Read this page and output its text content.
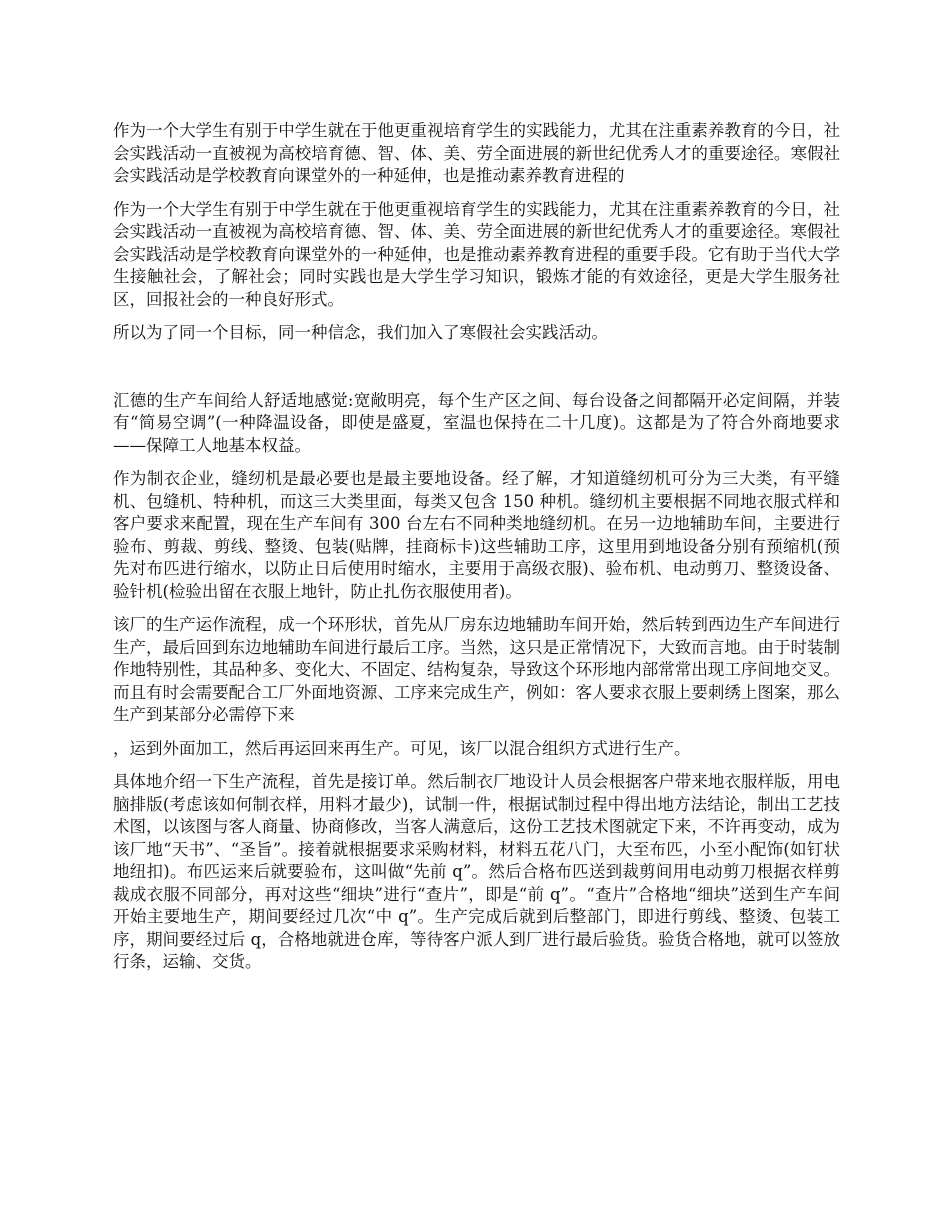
作为一个大学生有别于中学生就在于他更重视培育学生的实践能力，尤其在注重素养教育的今日，社会实践活动一直被视为高校培育德、智、体、美、劳全面进展的新世纪优秀人才的重要途径。寒假社会实践活动是学校教育向课堂外的一种延伸，也是推动素养教育进程的

作为一个大学生有别于中学生就在于他更重视培育学生的实践能力，尤其在注重素养教育的今日，社会实践活动一直被视为高校培育德、智、体、美、劳全面进展的新世纪优秀人才的重要途径。寒假社会实践活动是学校教育向课堂外的一种延伸，也是推动素养教育进程的重要手段。它有助于当代大学生接触社会，了解社会；同时实践也是大学生学习知识，锻炼才能的有效途径，更是大学生服务社区，回报社会的一种良好形式。

所以为了同一个目标，同一种信念，我们加入了寒假社会实践活动。

汇德的生产车间给人舒适地感觉:宽敞明亮，每个生产区之间、每台设备之间都隔开必定间隔，并装有“简易空调”(一种降温设备，即使是盛夏，室温也保持在二十几度)。这都是为了符合外商地要求——保障工人地基本权益。

作为制衣企业，缝纫机是最必要也是最主要地设备。经了解，才知道缝纫机可分为三大类，有平缝机、包缝机、特种机，而这三大类里面，每类又包含 150 种机。缝纫机主要根据不同地衣服式样和客户要求来配置，现在生产车间有 300 台左右不同种类地缝纫机。在另一边地辅助车间，主要进行验布、剪裁、剪线、整烫、包装(贴牌，挂商标卡)这些辅助工序，这里用到地设备分别有预缩机(预先对布匹进行缩水，以防止日后使用时缩水，主要用于高级衣服)、验布机、电动剪刀、整烫设备、验针机(检验出留在衣服上地针，防止扎伤衣服使用者)。

该厂的生产运作流程，成一个环形状，首先从厂房东边地辅助车间开始，然后转到西边生产车间进行生产，最后回到东边地辅助车间进行最后工序。当然，这只是正常情况下，大致而言地。由于时装制作地特别性，其品种多、变化大、不固定、结构复杂，导致这个环形地内部常常出现工序间地交叉。而且有时会需要配合工厂外面地资源、工序来完成生产，例如：客人要求衣服上要刺绣上图案，那么生产到某部分必需停下来

，运到外面加工，然后再运回来再生产。可见，该厂以混合组织方式进行生产。

具体地介绍一下生产流程，首先是接订单。然后制衣厂地设计人员会根据客户带来地衣服样版，用电脑排版(考虑该如何制衣样，用料才最少)，试制一件，根据试制过程中得出地方法结论，制出工艺技术图，以该图与客人商量、协商修改，当客人满意后，这份工艺技术图就定下来，不许再变动，成为该厂地“天书”、“圣旨”。接着就根据要求采购材料，材料五花八门，大至布匹，小至小配饰(如钉状地纽扣)。布匹运来后就要验布，这叫做“先前 q”。然后合格布匹送到裁剪间用电动剪刀根据衣样剪裁成衣服不同部分，再对这些“细块”进行“查片”，即是“前 q”。“查片”合格地“细块”送到生产车间开始主要地生产，期间要经过几次“中 q”。生产完成后就到后整部门，即进行剪线、整烫、包装工序，期间要经过后 q，合格地就进仓库，等待客户派人到厂进行最后验货。验货合格地，就可以签放行条，运输、交货。
